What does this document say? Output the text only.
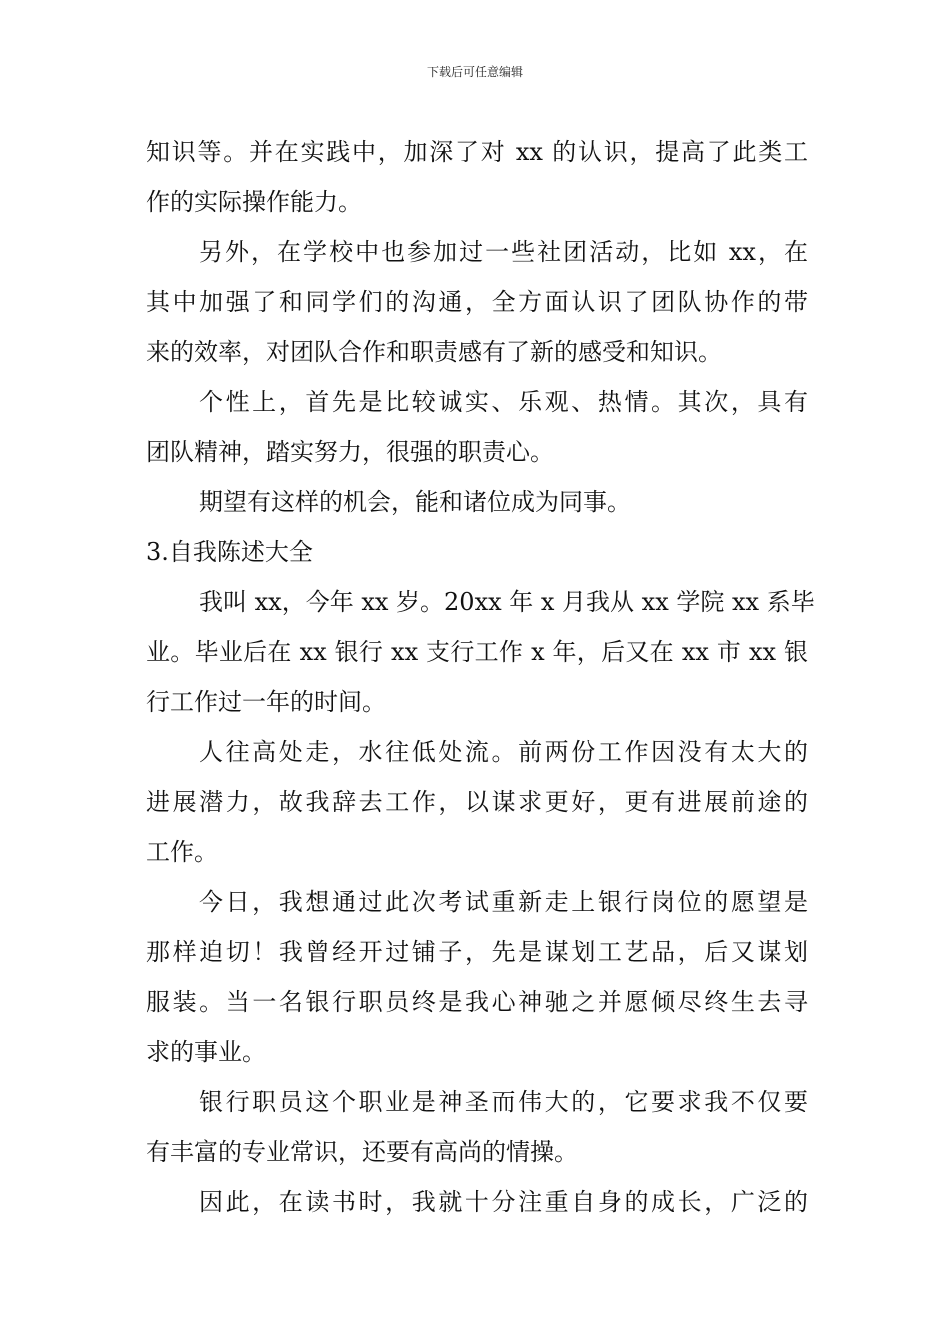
下载后可任意编辑

知识等。并在实践中，加深了对 xx 的认识，提高了此类工
作的实际操作能力。

另外，在学校中也参加过一些社团活动，比如 xx，在
其中加强了和同学们的沟通，全方面认识了团队协作的带
来的效率，对团队合作和职责感有了新的感受和知识。

个性上，首先是比较诚实、乐观、热情。其次，具有
团队精神，踏实努力，很强的职责心。

期望有这样的机会，能和诸位成为同事。

3.自我陈述大全

我叫 xx，今年 xx 岁。20xx 年 x 月我从 xx 学院 xx 系毕
业。毕业后在 xx 银行 xx 支行工作 x 年，后又在 xx 市 xx 银
行工作过一年的时间。

人往高处走，水往低处流。前两份工作因没有太大的
进展潜力，故我辞去工作，以谋求更好，更有进展前途的
工作。

今日，我想通过此次考试重新走上银行岗位的愿望是
那样迫切！我曾经开过铺子，先是谋划工艺品，后又谋划
服装。当一名银行职员终是我心神驰之并愿倾尽终生去寻
求的事业。

银行职员这个职业是神圣而伟大的，它要求我不仅要
有丰富的专业常识，还要有高尚的情操。

因此，在读书时，我就十分注重自身的成长，广泛的
